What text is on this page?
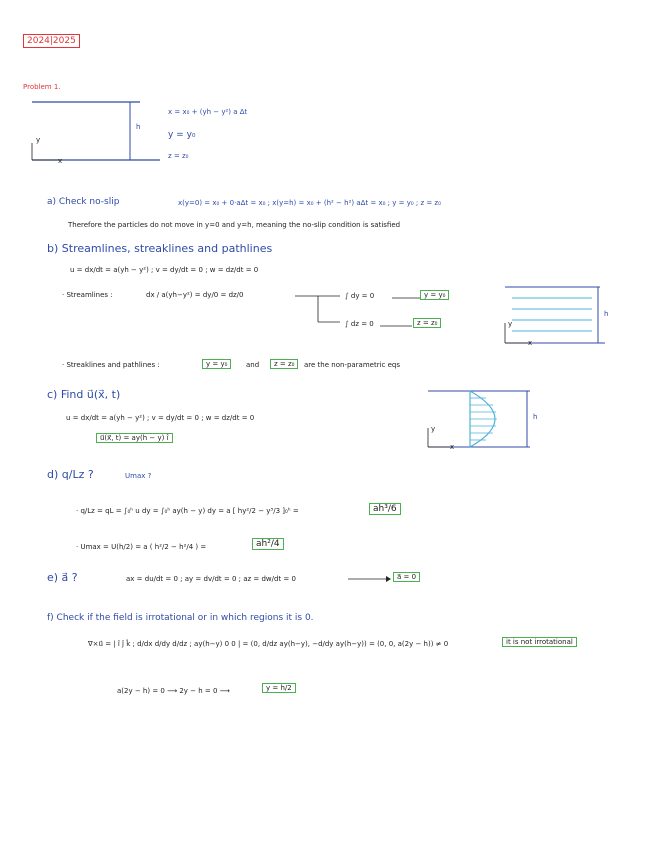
2024|2025
Problem 1.
h
y
x
x = x₀ + (yh − y²) a Δt
y = y₀
z = z₀
a) Check no-slip	x(y=0) = x₀ + 0·aΔt = x₀ ; x(y=h) = x₀ + (h² − h²) aΔt = x₀ ; y = y₀ ; z = z₀
Therefore the particles do not move in y=0 and y=h, meaning the no-slip condition is satisfied
b) Streamlines, streaklines and pathlines
u = dx/dt = a(yh − y²) ; v = dy/dt = 0 ; w = dz/dt = 0
· Streamlines :	dx / a(yh−y²) = dy/0 = dz/0	∫ dy = 0	y = y₀
∫ dz = 0	z = z₀
h
y
x
· Streaklines and pathlines :	y = y₀	and	z = z₀	are the non-parametric eqs
c) Find u⃗(x⃗, t)
u = dx/dt = a(yh − y²) ; v = dy/dt = 0 ; w = dz/dt = 0
u⃗(x⃗, t) = ay(h − y) î
h
y
x
d) q/Lz ?	Umax ?
· q/Lz = qL = ∫₀ʰ u dy = ∫₀ʰ ay(h − y) dy = a [ hy²/2 − y³/3 ]₀ʰ =	ah³/6
· Umax = U(h/2) = a ( h²/2 − h²/4 ) =	ah²/4
e) a⃗ ?	ax = du/dt = 0 ; ay = dv/dt = 0 ; az = dw/dt = 0	a⃗ = 0
f) Check if the field is irrotational or in which regions it is 0.
∇×u⃗ = | î ĵ k̂ ; d/dx d/dy d/dz ; ay(h−y) 0 0 | = (0, d/dz ay(h−y), −d/dy ay(h−y)) = (0, 0, a(2y − h)) ≠ 0	it is not irrotational
a(2y − h) = 0 ⟶ 2y − h = 0 ⟶	y = h/2
